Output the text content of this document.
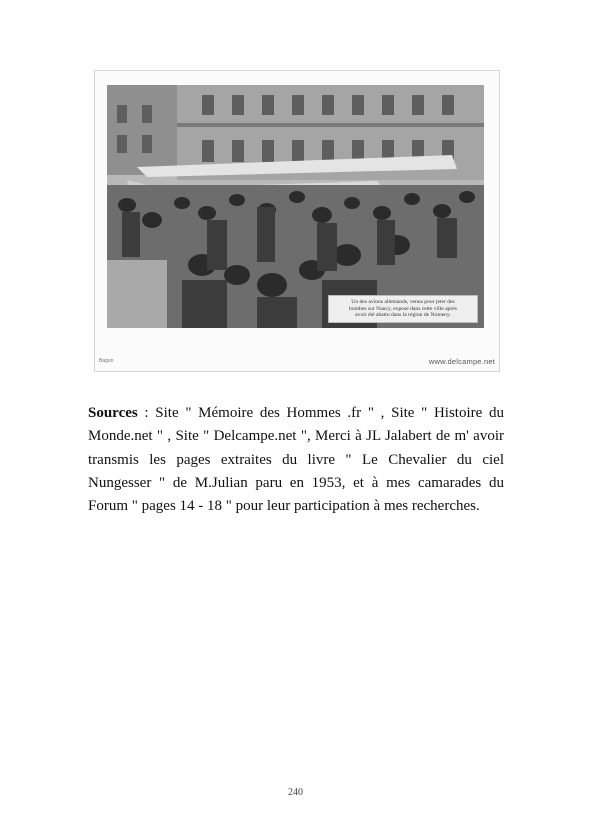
Un des avions allemands, venus pour jeter des
bombes sur Nancy, exposé dans cette ville après
avoir été abattu dans la région de Nomeny.
Bagun	www.delcampe.net
Sources : Site " Mémoire des Hommes .fr " , Site " Histoire du Monde.net " , Site " Delcampe.net ", Merci à JL Jalabert de m' avoir transmis les pages extraites du livre " Le Chevalier du ciel Nungesser " de M.Julian paru en 1953, et à mes camarades du Forum " pages 14 - 18 " pour leur participation à mes recherches.
240
